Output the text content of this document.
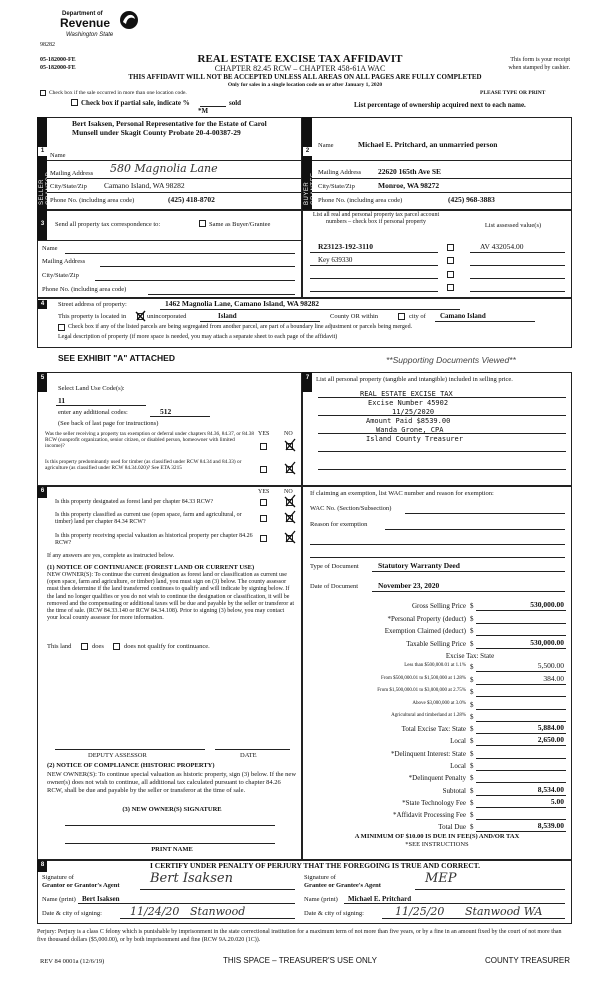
Department of
Revenue
Washington State
98282
05-182000-FE
05-182000-FE
REAL ESTATE EXCISE TAX AFFIDAVIT
CHAPTER 82.45 RCW – CHAPTER 458-61A WAC
This form is your receipt
when stamped by cashier.
THIS AFFIDAVIT WILL NOT BE ACCEPTED UNLESS ALL AREAS ON ALL PAGES ARE FULLY COMPLETED
Only for sales in a single location code on or after January 1, 2020
Check box if the sale occurred in more than one location code.	PLEASE TYPE OR PRINT
Check box if partial sale, indicate %	sold
*M
List percentage of ownership acquired next to each name.
1	2
SELLER GRANTOR	BUYER GRANTEE
Name
Bert Isaksen, Personal Representative for the Estate of Carol Munsell under Skagit County Probate 20-4-00387-29
Mailing Address 580 Magnolia Lane
City/State/Zip Camano Island, WA 98282
Phone No. (including area code)	(425) 418-8702
Name	Michael E. Pritchard, an unmarried person
Mailing Address 22620 165th Ave SE
City/State/Zip	Monroe, WA 98272
Phone No. (including area code)	(425) 968-3883
3	Send all property tax correspondence to:	Same as Buyer/Grantee
Name
Mailing Address
City/State/Zip
Phone No. (including area code)
List all real and personal property tax parcel account numbers – check box if personal property
List assessed value(s)
R23123-192-3110	AV 432054.00
Key 639330
4	Street address of property:	1462 Magnolia Lane, Camano Island, WA 98282
This property is located in	unincorporated	Island	County OR within	city of Camano Island
Check box if any of the listed parcels are being segregated from another parcel, are part of a boundary line adjustment or parcels being merged.
Legal description of property (if more space is needed, you may attach a separate sheet to each page of the affidavit)
SEE EXHIBIT "A" ATTACHED	**Supporting Documents Viewed**
5
Select Land Use Code(s):
11
enter any additional codes:	512
(See back of last page for instructions)
YES NO
Was the seller receiving a property tax exemption or deferral under chapters 84.36, 84.37, or 84.38 RCW (nonprofit organization, senior citizen, or disabled person, homeowner with limited income)?
Is this property predominantly used for timber (as classified under RCW 84.34 and 84.33) or agriculture (as classified under RCW 84.34.020)? See ETA 3215
7	List all personal property (tangible and intangible) included in selling price.
REAL ESTATE EXCISE TAX
Excise Number 45902
11/25/2020
Amount Paid $8539.00
Wanda Grone, CPA
Island County Treasurer
6	YES NO
Is this property designated as forest land per chapter 84.33 RCW?
Is this property classified as current use (open space, farm and agricultural, or timber) land per chapter 84.34 RCW?
Is this property receiving special valuation as historical property per chapter 84.26 RCW?
If any answers are yes, complete as instructed below.
(1) NOTICE OF CONTINUANCE (FOREST LAND OR CURRENT USE)
NEW OWNER(S): To continue the current designation as forest land or classification as current use (open space, farm and agriculture, or timber) land, you must sign on (3) below. The county assessor must then determine if the land transferred continues to qualify and will indicate by signing below. If the land no longer qualifies or you do not wish to continue the designation or classification, it will be removed and the compensating or additional taxes will be due and payable by the seller or transferor at the time of sale. (RCW 84.33.140 or RCW 84.34.108). Prior to signing (3) below, you may contact your local county assessor for more information.
This land	does	does not qualify for continuance.
DEPUTY ASSESSOR	DATE
(2) NOTICE OF COMPLIANCE (HISTORIC PROPERTY)
NEW OWNER(S): To continue special valuation as historic property, sign (3) below. If the new owner(s) does not wish to continue, all additional tax calculated pursuant to chapter 84.26 RCW, shall be due and payable by the seller or transferor at the time of sale.
(3) NEW OWNER(S) SIGNATURE
PRINT NAME
If claiming an exemption, list WAC number and reason for exemption:
WAC No. (Section/Subsection)
Reason for exemption
Type of Document	Statutory Warranty Deed
Date of Document	November 23, 2020
Gross Selling Price $	530,000.00
*Personal Property (deduct) $
Exemption Claimed (deduct) $
Taxable Selling Price $	530,000.00
Excise Tax: State
Less than $500,000.01 at 1.1% $	5,500.00
From $500,000.01 to $1,500,000 at 1.28% $	384.00
From $1,500,000.01 to $3,000,000 at 2.75% $
Above $3,000,000 at 3.0% $
Agricultural and timberland at 1.28% $
Total Excise Tax: State $	5,884.00
Local $	2,650.00
*Delinquent Interest: State $
Local $
*Delinquent Penalty $
Subtotal $	8,534.00
*State Technology Fee $	5.00
*Affidavit Processing Fee $
Total Due $	8,539.00
A MINIMUM OF $10.00 IS DUE IN FEE(S) AND/OR TAX
*SEE INSTRUCTIONS
8	I CERTIFY UNDER PENALTY OF PERJURY THAT THE FOREGOING IS TRUE AND CORRECT.
Signature of
Grantor or Grantor's Agent Bert Isaksen
Name (print) Bert Isaksen
Date & city of signing:	11/24/20 Stanwood
Signature of
Grantee or Grantee's Agent	MEP
Name (print) Michael E. Pritchard
Date & city of signing:	11/25/20 Stanwood WA
Perjury: Perjury is a class C felony which is punishable by imprisonment in the state correctional institution for a maximum term of not more than five years, or by a fine in an amount fixed by the court of not more than five thousand dollars ($5,000.00), or by both imprisonment and fine (RCW 9A.20.020 (1C)).
REV 84 0001a (12/6/19)	THIS SPACE – TREASURER'S USE ONLY	COUNTY TREASURER
